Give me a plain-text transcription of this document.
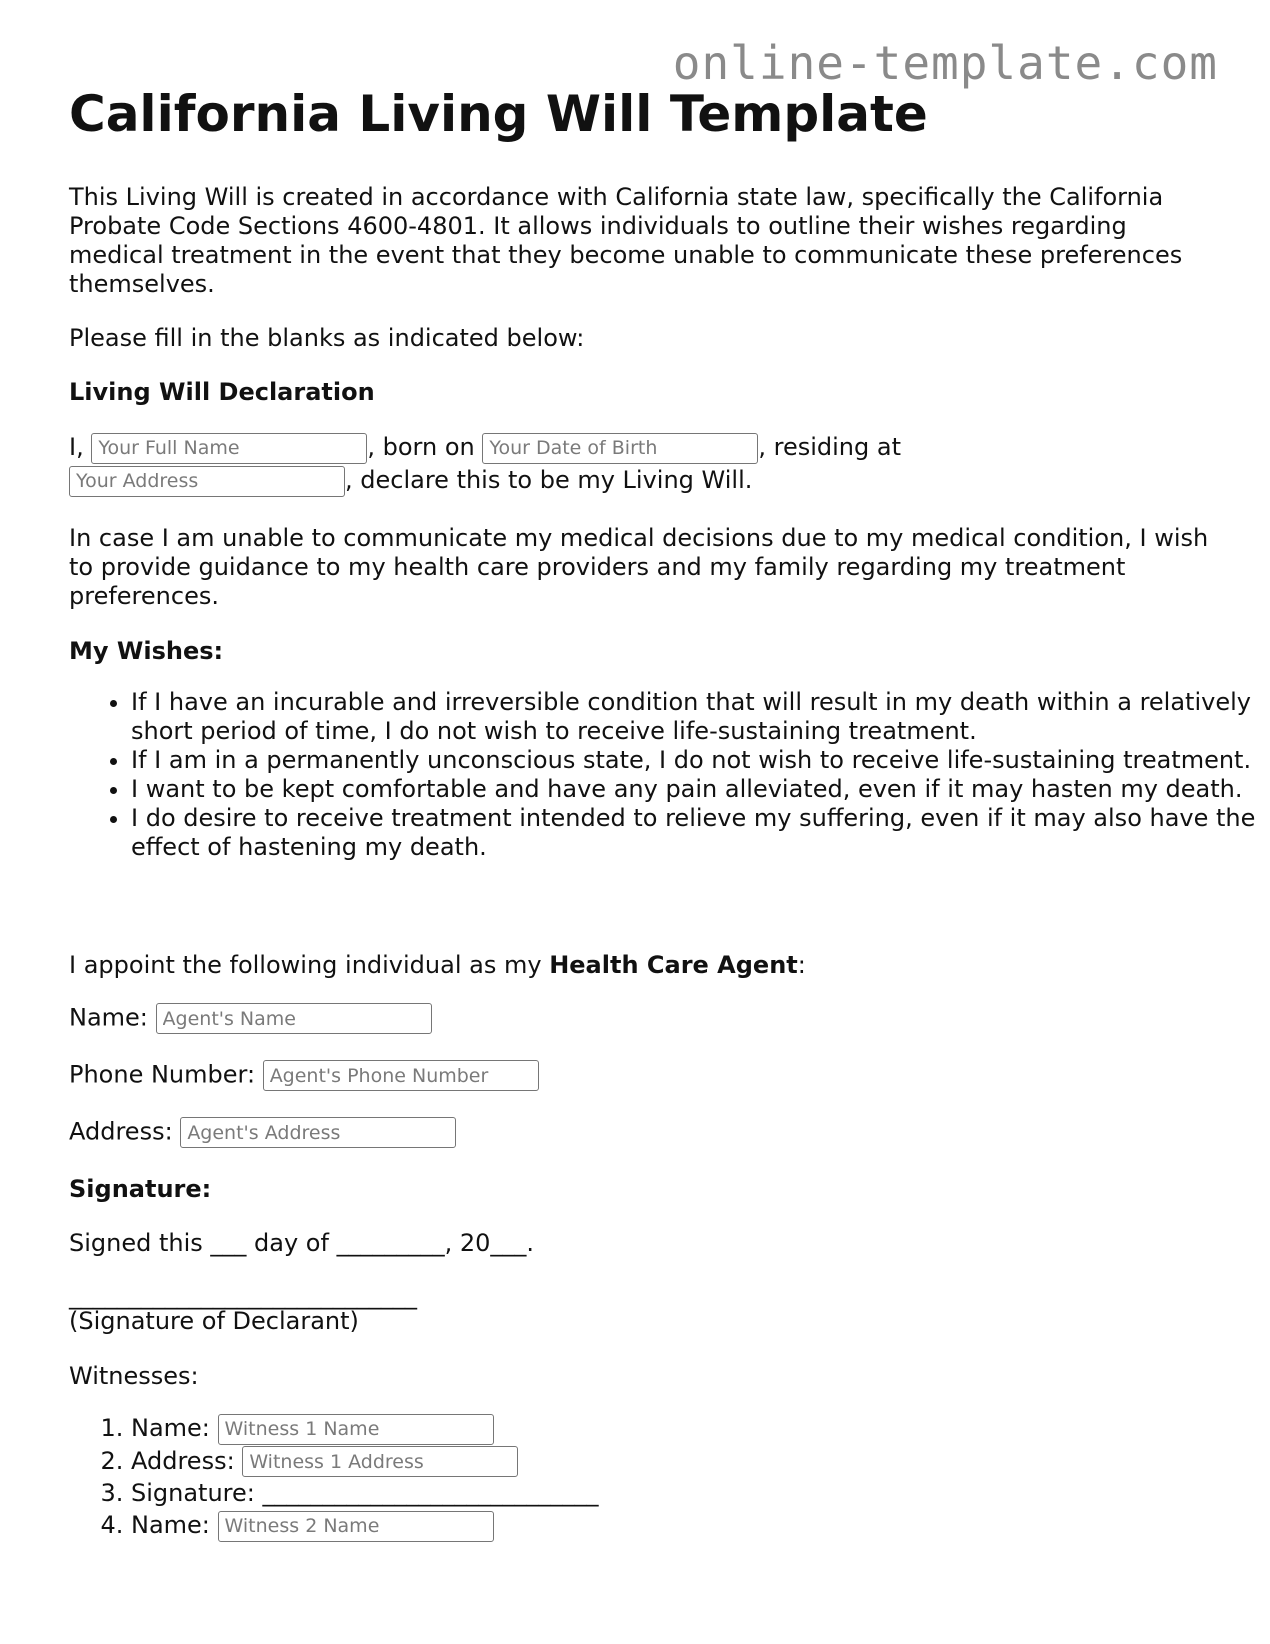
online-template.com
California Living Will Template

This Living Will is created in accordance with California state law, specifically the California Probate Code Sections 4600-4801. It allows individuals to outline their wishes regarding medical treatment in the event that they become unable to communicate these preferences themselves.

Please fill in the blanks as indicated below:

Living Will Declaration
I, Your Full Name	, born on Your Date of Birth	, residing at
Your Address, declare this to be my Living Will.

In case I am unable to communicate my medical decisions due to my medical condition, I wish to provide guidance to my health care providers and my family regarding my treatment preferences.

My Wishes:
• If I have an incurable and irreversible condition that will result in my death within a relatively short period of time, I do not wish to receive life-sustaining treatment.
• If I am in a permanently unconscious state, I do not wish to receive life-sustaining treatment.
• I want to be kept comfortable and have any pain alleviated, even if it may hasten my death.
• I do desire to receive treatment intended to relieve my suffering, even if it may also have the effect of hastening my death.
I appoint the following individual as my Health Care Agent:
Name: Agent's Name
Phone Number: Agent's Phone Number
Address: Agent's Address
Signature:
Signed this ___ day of _________, 20___.
_____________________________
(Signature of Declarant)
Witnesses:
1. Name: Witness 1 Name
2. Address: Witness 1 Address
3. Signature: ____________________________
4. Name: Witness 2 Name
